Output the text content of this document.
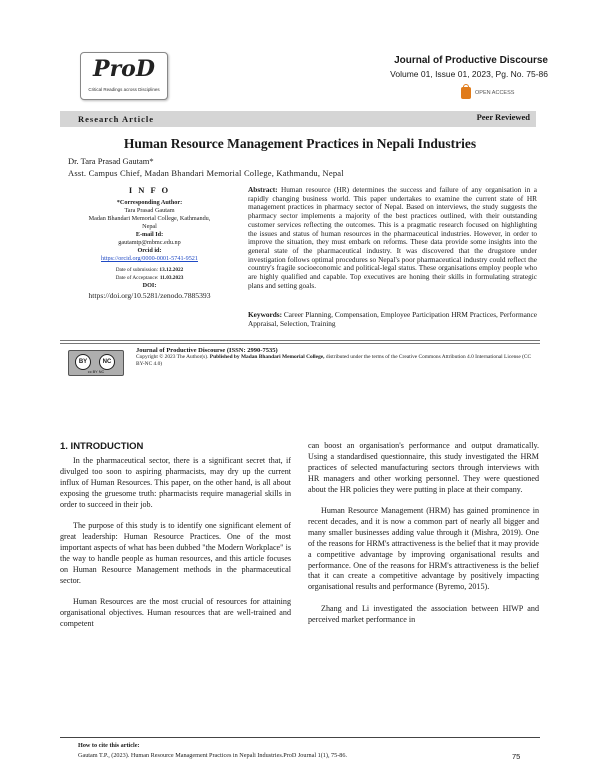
ProD
Critical Readings across Disciplines
Journal of Productive Discourse
Volume 01, Issue 01, 2023, Pg. No. 75-86
OPEN ACCESS
Research Article	Peer Reviewed
Human Resource Management Practices in Nepali Industries
Dr. Tara Prasad Gautam*
Asst. Campus Chief, Madan Bhandari Memorial College, Kathmandu, Nepal
I N F O
*Corresponding Author:
Tara Prasad Gautam
Madan Bhandari Memorial College, Kathmandu,
Nepal
E-mail Id:
gautamtp@mbmc.edu.np
Orcid id:
https://orcid.org/0000-0001-5741-9521
Date of submission: 13.12.2022
Date of Acceptance: 11.03.2023
DOI:
https://doi.org/10.5281/zenodo.7885393
Abstract: Human resource (HR) determines the success and failure of any organisation in a rapidly changing business world. This paper undertakes to examine the current state of HR management practices in pharmacy sector of Nepal. Based on interviews, the study suggests the pharmacy sector implements a majority of the best practices outlined, with their outstanding customer services reflecting the outcomes. This is a pragmatic research focused on highlighting the issues and status of human resources in the pharmaceutical industries. However, in order to improve the situation, they must embark on reforms. These data provide some insights into the general state of the pharmaceutical industry. It was discovered that the drugstore under investigation follows optimal procedures so Nepal's poor pharmaceutical industry could reflect the country's fragile socioeconomic and political-legal status. These organisations employ people who are highly qualified and capable. Top executives are honing their skills in formulating strategic plans and setting goals.
Keywords: Career Planning, Compensation, Employee Participation HRM Practices, Performance Appraisal, Selection, Training
BY	NC
cc BY NC
Journal of Productive Discourse (ISSN: 2990-7535)
Copyright © 2023 The Author(s). Published by Madan Bhandari Memorial College, distributed under the terms of the Creative Commons Attribution 4.0 International License (CC BY-NC 4.0)
1. INTRODUCTION

In the pharmaceutical sector, there is a significant secret that, if divulged too soon to aspiring pharmacists, may dry up the current influx of Human Resources. This paper, on the other hand, is all about exposing the gruesome truth: pharmacists require managerial skills in order to succeed in their job.

The purpose of this study is to identify one significant element of great leadership: Human Resource Practices. One of the most important aspects of what has been dubbed "the Modern Workplace" is the way to handle people as human resources, and this article focuses on Human Resource Management methods in the pharmaceutical sector.

Human Resources are the most crucial of resources for attaining organisational objectives. Human resources that are well-trained and competent

can boost an organisation's performance and output dramatically. Using a standardised questionnaire, this study investigated the HRM practices of selected manufacturing sectors through interviews with HR managers and other working personnel. They were questioned about the HR policies they were putting in place at their company.

Human Resource Management (HRM) has gained prominence in recent decades, and it is now a common part of nearly all bigger and many smaller businesses adding value through it (Mishra, 2019). One of the reasons for HRM's attractiveness is the belief that it may provide a competitive advantage by improving organisational results and performance. One of the reasons for HRM's attractiveness is the belief that it can create a competitive advantage by positively impacting organisational results and performance (Byremo, 2015).

Zhang and Li investigated the association between HIWP and perceived market performance in

How to cite this article:
Gautam T.P., (2023). Human Resource Management Practices in Nepali Industries.ProD Journal 1(1), 75-86.	75
